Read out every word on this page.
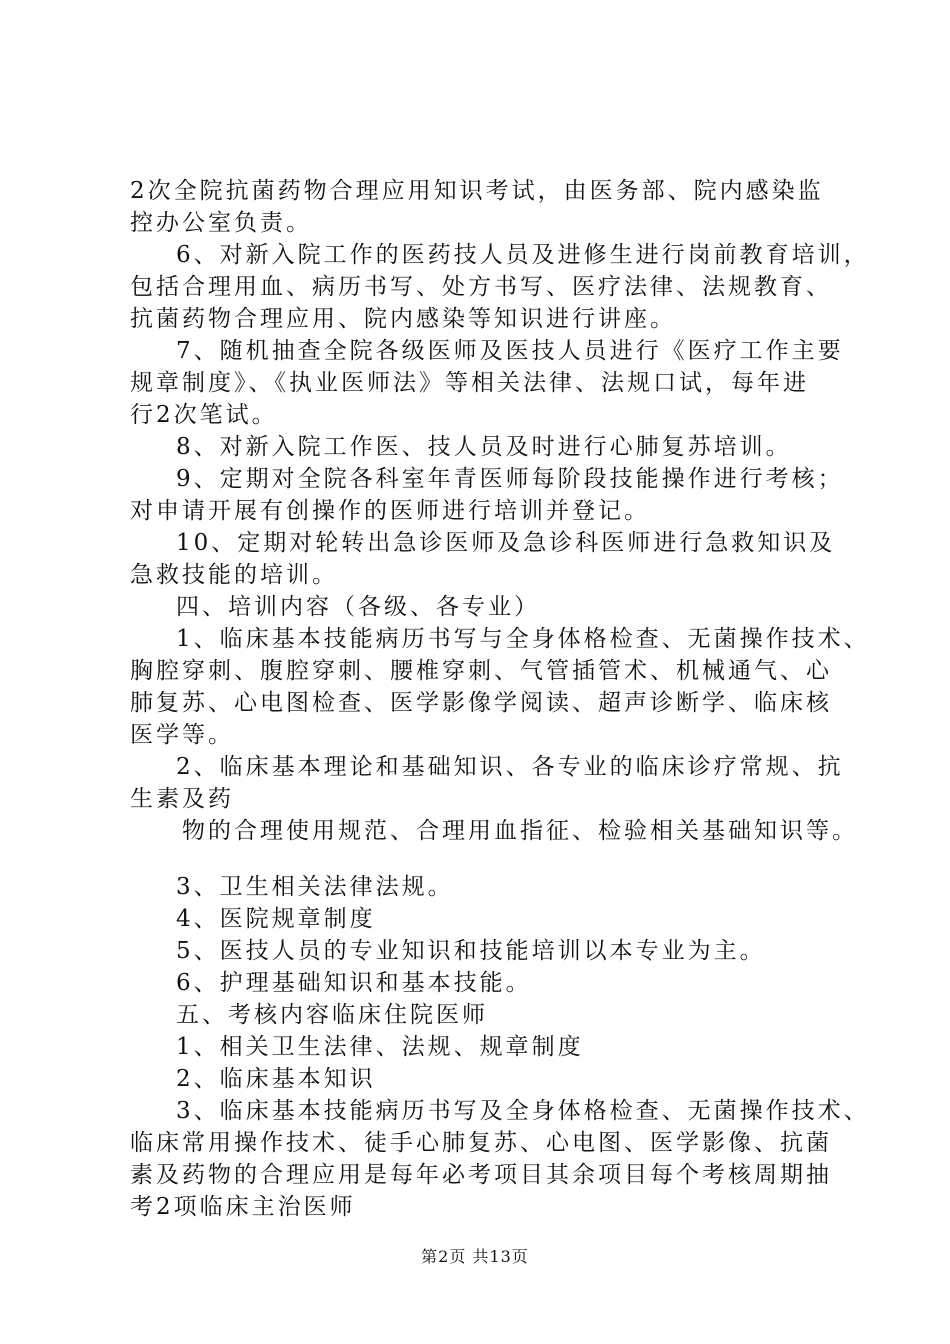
2次全院抗菌药物合理应用知识考试，由医务部、院内感染监
控办公室负责。
6、对新入院工作的医药技人员及进修生进行岗前教育培训，
包括合理用血、病历书写、处方书写、医疗法律、法规教育、
抗菌药物合理应用、院内感染等知识进行讲座。
7、随机抽查全院各级医师及医技人员进行《医疗工作主要
规章制度》、《执业医师法》等相关法律、法规口试，每年进
行2次笔试。
8、对新入院工作医、技人员及时进行心肺复苏培训。
9、定期对全院各科室年青医师每阶段技能操作进行考核；
对申请开展有创操作的医师进行培训并登记。
10、定期对轮转出急诊医师及急诊科医师进行急救知识及
急救技能的培训。
四、培训内容（各级、各专业）
1、临床基本技能病历书写与全身体格检查、无菌操作技术、
胸腔穿刺、腹腔穿刺、腰椎穿刺、气管插管术、机械通气、心
肺复苏、心电图检查、医学影像学阅读、超声诊断学、临床核
医学等。
2、临床基本理论和基础知识、各专业的临床诊疗常规、抗
生素及药
物的合理使用规范、合理用血指征、检验相关基础知识等。
3、卫生相关法律法规。
4、医院规章制度
5、医技人员的专业知识和技能培训以本专业为主。
6、护理基础知识和基本技能。
五、考核内容临床住院医师
1、相关卫生法律、法规、规章制度
2、临床基本知识
3、临床基本技能病历书写及全身体格检查、无菌操作技术、
临床常用操作技术、徒手心肺复苏、心电图、医学影像、抗菌
素及药物的合理应用是每年必考项目其余项目每个考核周期抽
考2项临床主治医师
第2页 共13页
